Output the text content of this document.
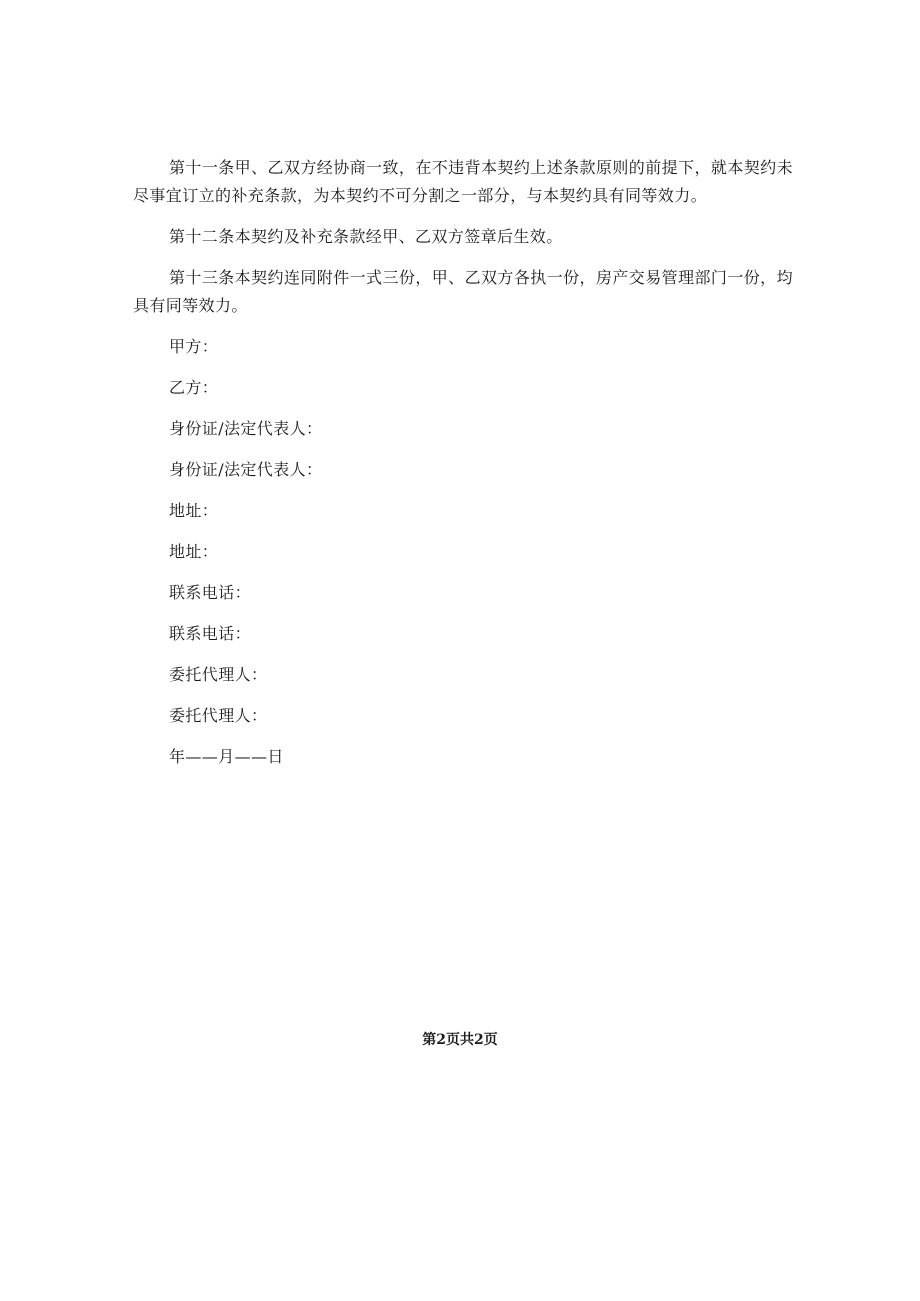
第十一条甲、乙双方经协商一致，在不违背本契约上述条款原则的前提下，就本契约未尽事宜订立的补充条款，为本契约不可分割之一部分，与本契约具有同等效力。

第十二条本契约及补充条款经甲、乙双方签章后生效。

第十三条本契约连同附件一式三份，甲、乙双方各执一份，房产交易管理部门一份，均具有同等效力。

甲方：

乙方：

身份证/法定代表人：

身份证/法定代表人：

地址：

地址：

联系电话：

联系电话：

委托代理人：

委托代理人：

年——月——日

第2页共2页
